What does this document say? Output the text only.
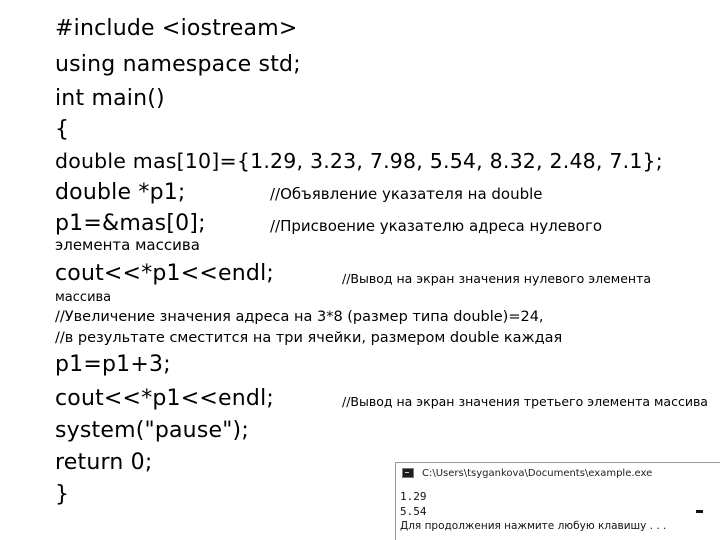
#include <iostream>
using namespace std;
int main()
{
double mas[10]={1.29, 3.23, 7.98, 5.54, 8.32, 2.48, 7.1};
double *p1;	//Объявление указателя на double
p1=&mas[0];	//Присвоение указателю адреса нулевого
элемента массива
cout<<*p1<<endl;	//Вывод на экран значения нулевого элемента
массива
//Увеличение значения адреса на 3*8 (размер типа double)=24,
//в результате сместится на три ячейки, размером double каждая
p1=p1+3;
cout<<*p1<<endl;	//Вывод на экран значения третьего элемента массива
system("pause");
return 0;
}
C:\Users\tsygankova\Documents\example.exe
1.29
5.54
Для продолжения нажмите любую клавишу . . .
